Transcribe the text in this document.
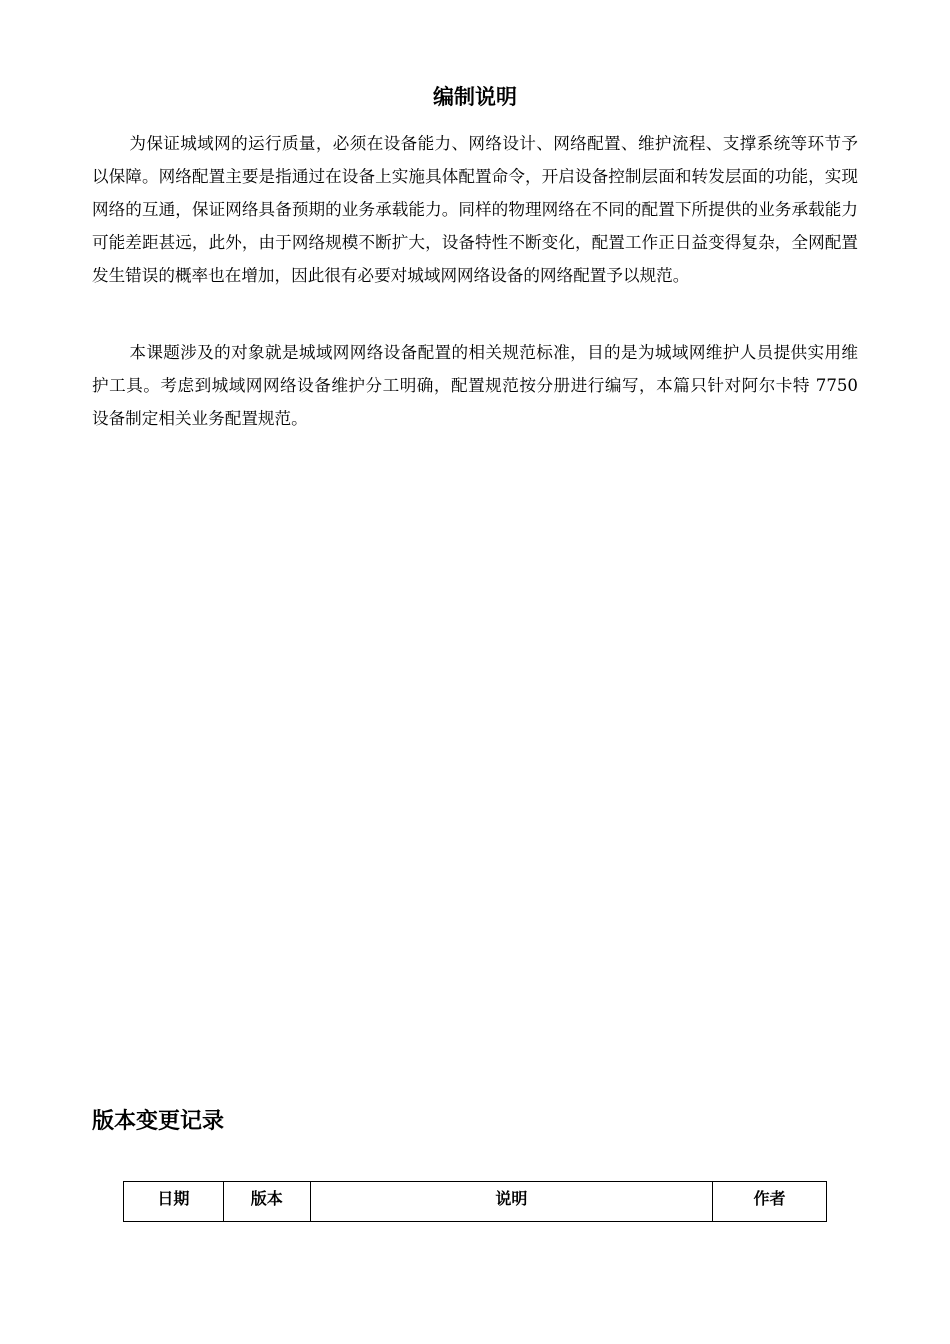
编制说明

为保证城域网的运行质量，必须在设备能力、网络设计、网络配置、维护流程、支撑系统等环节予以保障。网络配置主要是指通过在设备上实施具体配置命令，开启设备控制层面和转发层面的功能，实现网络的互通，保证网络具备预期的业务承载能力。同样的物理网络在不同的配置下所提供的业务承载能力可能差距甚远，此外，由于网络规模不断扩大，设备特性不断变化，配置工作正日益变得复杂，全网配置发生错误的概率也在增加，因此很有必要对城域网网络设备的网络配置予以规范。

本课题涉及的对象就是城域网网络设备配置的相关规范标准，目的是为城域网维护人员提供实用维护工具。考虑到城域网网络设备维护分工明确，配置规范按分册进行编写，本篇只针对阿尔卡特 7750 设备制定相关业务配置规范。

版本变更记录
日期	版本	说明	作者
